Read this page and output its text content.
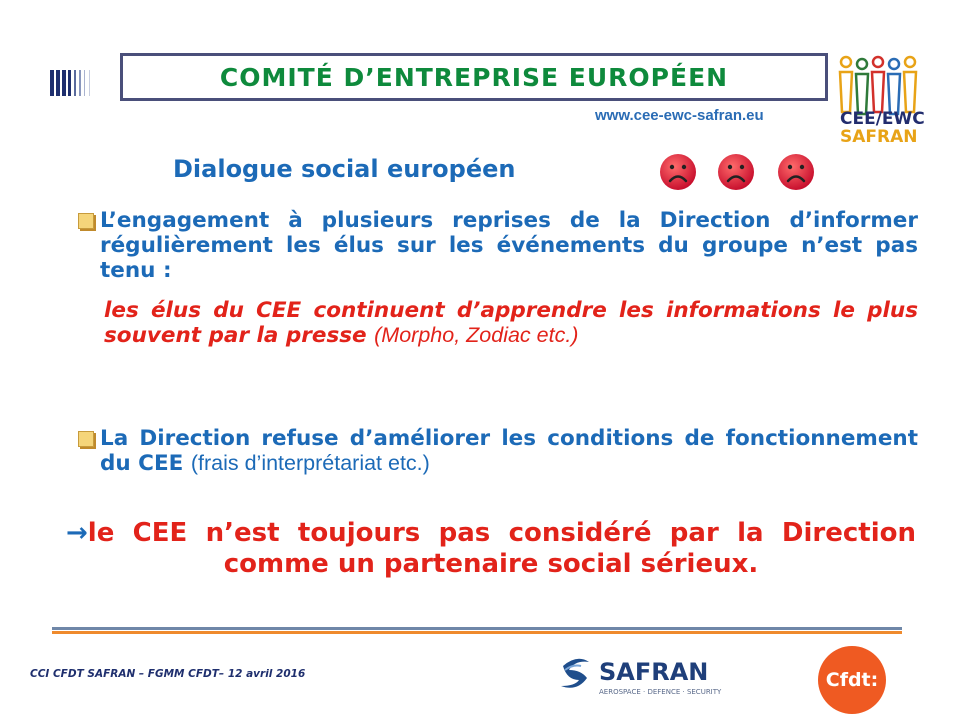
COMITÉ D’ENTREPRISE EUROPÉEN
www.cee-ewc-safran.eu	CEE/EWC
SAFRAN
Dialogue social européen
L’engagement à plusieurs reprises de la Direction d’informer régulièrement les élus sur les événements du groupe n’est pas tenu :
les élus du CEE continuent d’apprendre les informations le plus souvent par la presse (Morpho, Zodiac etc.)
La Direction refuse d’améliorer les conditions de fonctionnement du CEE (frais d’interprétariat etc.)
→le CEE n’est toujours pas considéré par la Direction comme un partenaire social sérieux.
CCI CFDT SAFRAN – FGMM CFDT– 12 avril 2016	SAFRAN
AEROSPACE · DEFENCE · SECURITY
Cfdt:
